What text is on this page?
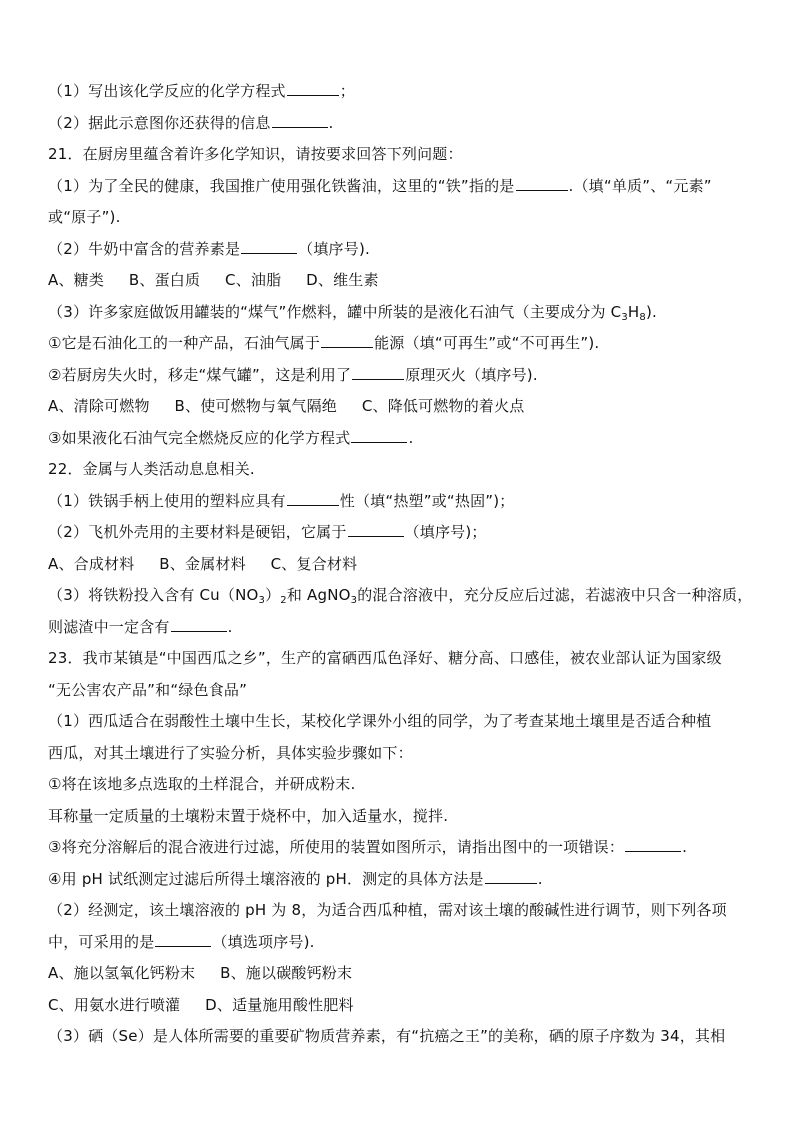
（1）写出该化学反应的化学方程式	；
（2）据此示意图你还获得的信息	.
21．在厨房里蕴含着许多化学知识，请按要求回答下列问题：
（1）为了全民的健康，我国推广使用强化铁酱油，这里的“铁”指的是	.（填“单质”、“元素”
或“原子”).
（2）牛奶中富含的营养素是	（填序号).
A、糖类     B、蛋白质     C、油脂     D、维生素
（3）许多家庭做饭用罐装的“煤气”作燃料，罐中所装的是液化石油气（主要成分为 $C_3H_8$).
①它是石油化工的一种产品，石油气属于	能源（填“可再生”或“不可再生”).
②若厨房失火时，移走“煤气罐”，这是利用了	原理灭火（填序号).
A、清除可燃物     B、使可燃物与氧气隔绝     C、降低可燃物的着火点
③如果液化石油气完全燃烧反应的化学方程式	.
22．金属与人类活动息息相关.
（1）铁锅手柄上使用的塑料应具有	性（填“热塑”或“热固”)；
（2）飞机外壳用的主要材料是硬铝，它属于	（填序号)；
A、合成材料     B、金属材料     C、复合材料
（3）将铁粉投入含有 $Cu(NO_3)_2$和 AgNO$_3$的混合溶液中，充分反应后过滤，若滤液中只含一种溶质，
则滤渣中一定含有	.
23．我市某镇是“中国西瓜之乡”，生产的富硒西瓜色泽好、糖分高、口感佳，被农业部认证为国家级
“无公害农产品”和“绿色食品”
（1）西瓜适合在弱酸性土壤中生长，某校化学课外小组的同学，为了考查某地土壤里是否适合种植
西瓜，对其土壤进行了实验分析，具体实验步骤如下：
①将在该地多点选取的土样混合，并研成粉末.
耳称量一定质量的土壤粉末置于烧杯中，加入适量水，搅拌.
③将充分溶解后的混合液进行过滤，所使用的装置如图所示，请指出图中的一项错误：	.
④用 pH 试纸测定过滤后所得土壤溶液的 pH．测定的具体方法是	.
（2）经测定，该土壤溶液的 pH 为 8，为适合西瓜种植，需对该土壤的酸碱性进行调节，则下列各项
中，可采用的是	（填选项序号).
A、施以氢氧化钙粉末     B、施以碳酸钙粉末
C、用氨水进行喷灌     D、适量施用酸性肥料
（3）硒（Se）是人体所需要的重要矿物质营养素，有“抗癌之王”的美称，硒的原子序数为 34，其相
